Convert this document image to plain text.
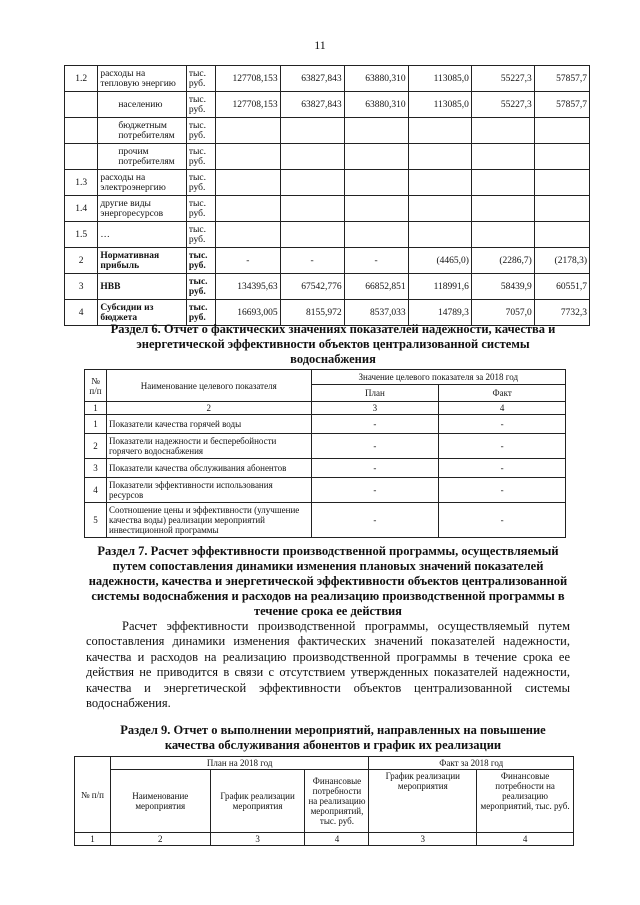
11
1.2	расходы на тепловую энергию	тыс. руб.	127708,153	63827,843	63880,310	113085,0	55227,3	57857,7
	населению	тыс. руб.	127708,153	63827,843	63880,310	113085,0	55227,3	57857,7
	бюджетным потребителям	тыс. руб.						
	прочим потребителям	тыс. руб.						
1.3	расходы на электроэнергию	тыс. руб.						
1.4	другие виды энергоресурсов	тыс. руб.						
1.5	…	тыс. руб.						
2	Нормативная прибыль	тыс. руб.	-	-	-	(4465,0)	(2286,7)	(2178,3)
3	НВВ	тыс. руб.	134395,63	67542,776	66852,851	118991,6	58439,9	60551,7
4	Субсидии из бюджета	тыс. руб.	16693,005	8155,972	8537,033	14789,3	7057,0	7732,3
Раздел 6. Отчет о фактических значениях показателей надежности, качества и энергетической эффективности объектов централизованной системы водоснабжения
№ п/п	Наименование целевого показателя	Значение целевого показателя за 2018 год	
		План	Факт
1	2	3	4
1	Показатели качества горячей воды	-	-
2	Показатели надежности и бесперебойности горячего водоснабжения	-	-
3	Показатели качества обслуживания абонентов	-	-
4	Показатели эффективности использования ресурсов	-	-
5	Соотношение цены и эффективности (улучшение качества воды) реализации мероприятий инвестиционной программы	-	-
Раздел 7. Расчет эффективности производственной программы, осуществляемый путем сопоставления динамики изменения плановых значений показателей надежности, качества и энергетической эффективности объектов централизованной системы водоснабжения и расходов на реализацию производственной программы в течение срока ее действия
Расчет эффективности производственной программы, осуществляемый путем сопоставления динамики изменения фактических значений показателей надежности, качества и расходов на реализацию производственной программы в течение срока ее действия не приводится в связи с отсутствием утвержденных показателей надежности, качества и энергетической эффективности объектов централизованной системы водоснабжения.
Раздел 9. Отчет о выполнении мероприятий, направленных на повышение качества обслуживания абонентов и график их реализации
№ п/п	План на 2018 год			Факт за 2018 год	
	Наименование мероприятия	График реализации мероприятия	Финансовые потребности на реализацию мероприятий, тыс. руб.	График реализации мероприятия	Финансовые потребности на реализацию мероприятий, тыс. руб.
1	2	3	4	3	4
